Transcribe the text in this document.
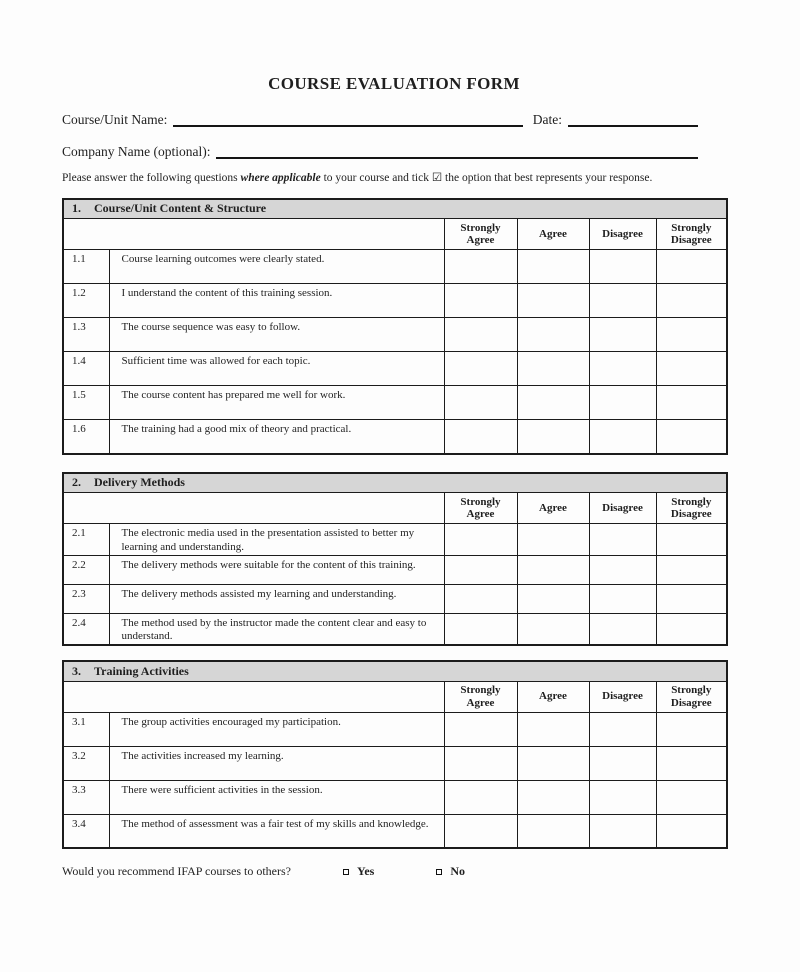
COURSE EVALUATION FORM
Course/Unit Name:	Date:
Company Name (optional):

Please answer the following questions where applicable to your course and tick ☑ the option that best represents your response.

1. Course/Unit Content & Structure					
		Strongly Agree	Agree	Disagree	Strongly Disagree
1.1	Course learning outcomes were clearly stated.				
1.2	I understand the content of this training session.				
1.3	The course sequence was easy to follow.				
1.4	Sufficient time was allowed for each topic.				
1.5	The course content has prepared me well for work.				
1.6	The training had a good mix of theory and practical.				
2. Delivery Methods					
		Strongly Agree	Agree	Disagree	Strongly Disagree
2.1	The electronic media used in the presentation assisted to better my learning and understanding.				
2.2	The delivery methods were suitable for the content of this training.				
2.3	The delivery methods assisted my learning and understanding.				
2.4	The method used by the instructor made the content clear and easy to understand.				
3. Training Activities					
		Strongly Agree	Agree	Disagree	Strongly Disagree
3.1	The group activities encouraged my participation.				
3.2	The activities increased my learning.				
3.3	There were sufficient activities in the session.				
3.4	The method of assessment was a fair test of my skills and knowledge.				
Would you recommend IFAP courses to others?	Yes	No
